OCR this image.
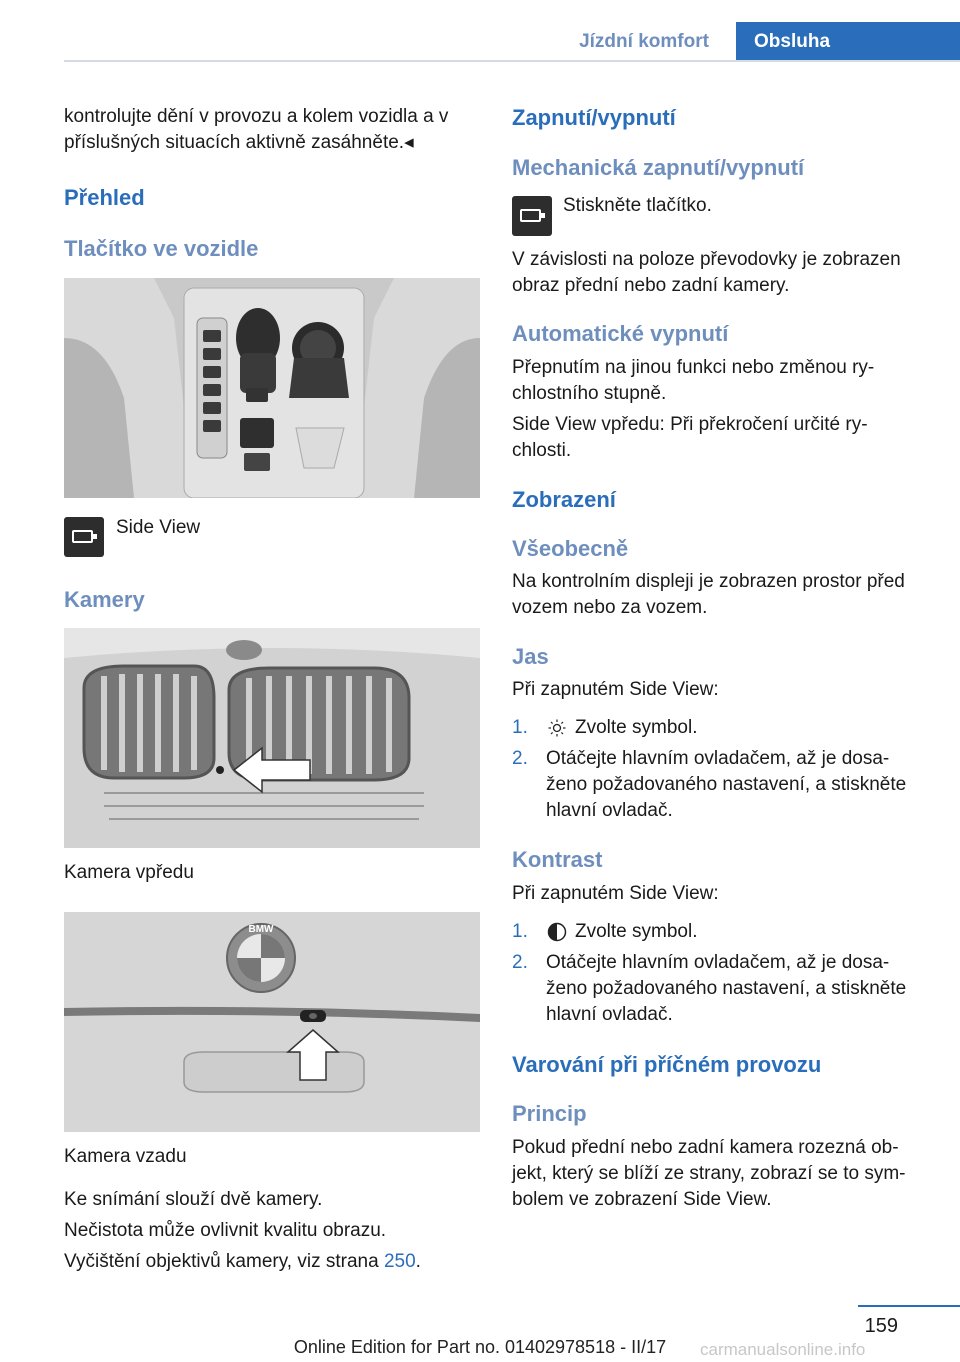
Jízdní komfort	Obsluha

kontrolujte dění v provozu a kolem vozidla a v

příslušných situacích aktivně zasáhněte.◂

Přehled
Tlačítko ve vozidle

Side View

Kamery

Kamera vpředu

BMW

Kamera vzadu

Ke snímání slouží dvě kamery.

Nečistota může ovlivnit kvalitu obrazu.

Vyčištění objektivů kamery, viz strana 250.

Zapnutí/vypnutí
Mechanická zapnutí/vypnutí

Stiskněte tlačítko.

V závislosti na poloze převodovky je zobrazen

obraz přední nebo zadní kamery.

Automatické vypnutí

Přepnutím na jinou funkci nebo změnou ry‐

chlostního stupně.

Side View vpředu: Při překročení určité ry‐

chlosti.

Zobrazení
Všeobecně

Na kontrolním displeji je zobrazen prostor před

vozem nebo za vozem.

Jas

Při zapnutém Side View:

1. Zvolte symbol.

2. Otáčejte hlavním ovladačem, až je dosa‐

ženo požadovaného nastavení, a stiskněte

hlavní ovladač.

Kontrast

Při zapnutém Side View:

1. Zvolte symbol.

2. Otáčejte hlavním ovladačem, až je dosa‐

ženo požadovaného nastavení, a stiskněte

hlavní ovladač.

Varování při příčném provozu
Princip

Pokud přední nebo zadní kamera rozezná ob‐

jekt, který se blíží ze strany, zobrazí se to sym‐

bolem ve zobrazení Side View.

159
carmanualsonline.info
Online Edition for Part no. 01402978518 - II/17
